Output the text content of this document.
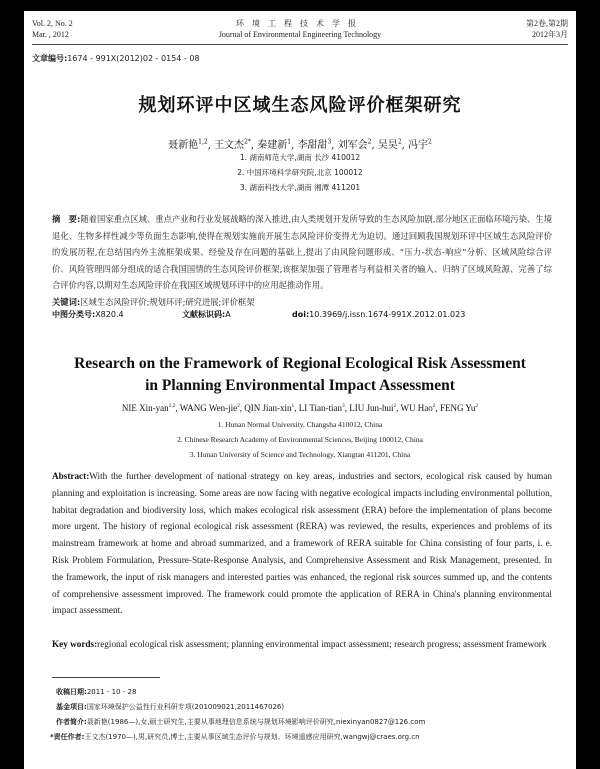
Vol. 2, No. 2
Mar. , 2012
环境工程技术学报
Journal of Environmental Engineering Technology
第2卷,第2期
2012年3月
文章编号:1674 - 991X(2012)02 - 0154 - 08
规划环评中区域生态风险评价框架研究
聂新艳$^{1,2}$, 王文杰$^{2*}$, 秦建新$^1$, 李甜甜$^3$, 刘军会$^2$, 吴昊$^2$, 冯宇$^2$
1. 湖南师范大学,湖南 长沙 410012
2. 中国环境科学研究院,北京 100012
3. 湖南科技大学,湖南 湘潭 411201
摘　要:随着国家重点区域、重点产业和行业发展战略的深入推进,由人类规划开发所导致的生态风险加剧,部分地区正面临环境污染、生境退化、生物多样性减少等负面生态影响,使得在规划实施前开展生态风险评价变得尤为迫切。通过回顾我国规划环评中区域生态风险评价的发展历程,在总结国内外主流框架成果、经验及存在问题的基础上,提出了由风险问题形成、“压力-状态-响应”分析、区域风险综合评价、风险管理四部分组成的适合我国国情的生态风险评价框架,该框架加强了管理者与利益相关者的输入、归纳了区域风险源、完善了综合评价内容,以期对生态风险评价在我国区域规划环评中的应用起推动作用。
关键词:区域生态风险评价;规划环评;研究进展;评价框架
中图分类号:X820.4	文献标识码:A	doi:10.3969/j.issn.1674-991X.2012.01.023
Research on the Framework of Regional Ecological Risk Assessment
in Planning Environmental Impact Assessment
NIE Xin-yan$^{1,2}$, WANG Wen-jie$^2$, QIN Jian-xin$^1$, LI Tian-tian$^3$, LIU Jun-hui$^2$, WU Hao$^2$, FENG Yu$^2$
1. Hunan Normal University, Changsha 410012, China
2. Chinese Research Academy of Environmental Sciences, Beijing 100012, China
3. Hunan University of Science and Technology, Xiangtan 411201, China
Abstract:With the further development of national strategy on key areas, industries and sectors, ecological risk caused by human planning and exploitation is increasing. Some areas are now facing with negative ecological impacts including environmental pollution, habitat degradation and biodiversity loss, which makes ecological risk assessment (ERA) before the implementation of plans become more urgent. The history of regional ecological risk assessment (RERA) was reviewed, the results, experiences and problems of its mainstream framework at home and abroad summarized, and a framework of RERA suitable for China consisting of four parts, i. e. Risk Problem Formulation, Pressure-State-Response Analysis, and Comprehensive Assessment and Risk Management, presented. In the framework, the input of risk managers and interested parties was enhanced, the regional risk sources summed up, and the contents of comprehensive assessment improved. The framework could promote the application of RERA in China's planning environmental impact assessment.
Key words:regional ecological risk assessment; planning environmental impact assessment; research progress; assessment framework
收稿日期:2011 - 10 - 28
基金项目:国家环境保护公益性行业科研专项(201009021,2011467026)
作者简介:聂新艳(1986—),女,硕士研究生,主要从事地理信息系统与规划环境影响评价研究,niexinyan0827@126.com
*责任作者:王文杰(1970—),男,研究员,博士,主要从事区域生态评价与规划、环境遥感应用研究,wangwj@craes.org.cn
